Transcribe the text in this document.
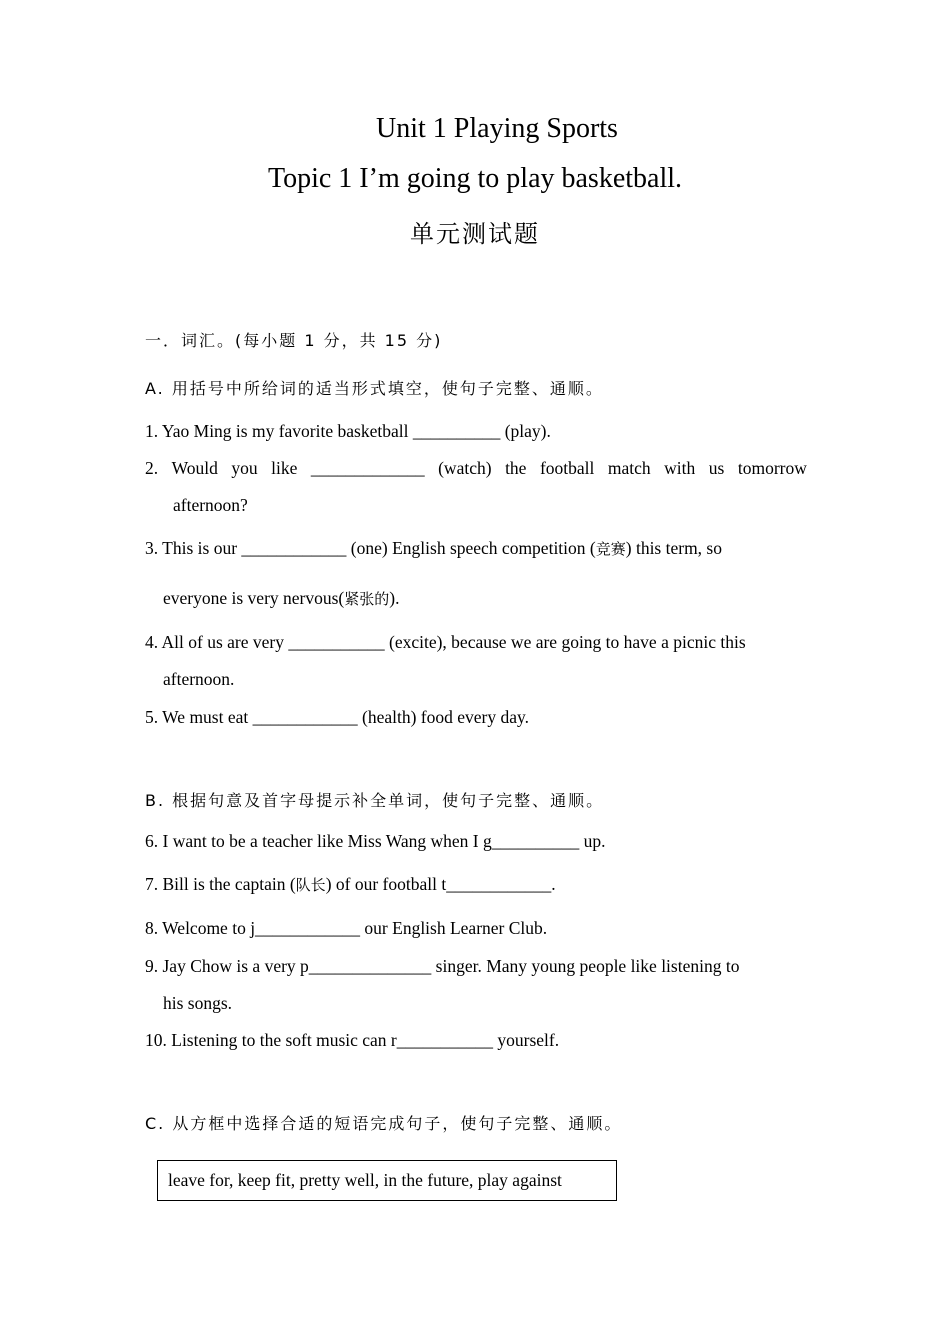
Unit 1 Playing Sports
Topic 1 I’m going to play basketball.
单元测试题
一．词汇。(每小题 1 分，共 15 分)
A. 用括号中所给词的适当形式填空，使句子完整、通顺。
1. Yao Ming is my favorite basketball __________ (play).
2. Would you like _____________ (watch) the football match with us tomorrow
afternoon?
3. This is our ____________ (one) English speech competition (竞赛) this term, so
everyone is very nervous(紧张的).
4. All of us are very ___________ (excite), because we are going to have a picnic this
afternoon.
5. We must eat ____________ (health) food every day.
B. 根据句意及首字母提示补全单词，使句子完整、通顺。
6. I want to be a teacher like Miss Wang when I g__________ up.
7. Bill is the captain (队长) of our football t____________.
8. Welcome to j____________ our English Learner Club.
9. Jay Chow is a very p______________ singer. Many young people like listening to
his songs.
10. Listening to the soft music can r___________ yourself.
C. 从方框中选择合适的短语完成句子，使句子完整、通顺。
leave for, keep fit, pretty well, in the future, play against
